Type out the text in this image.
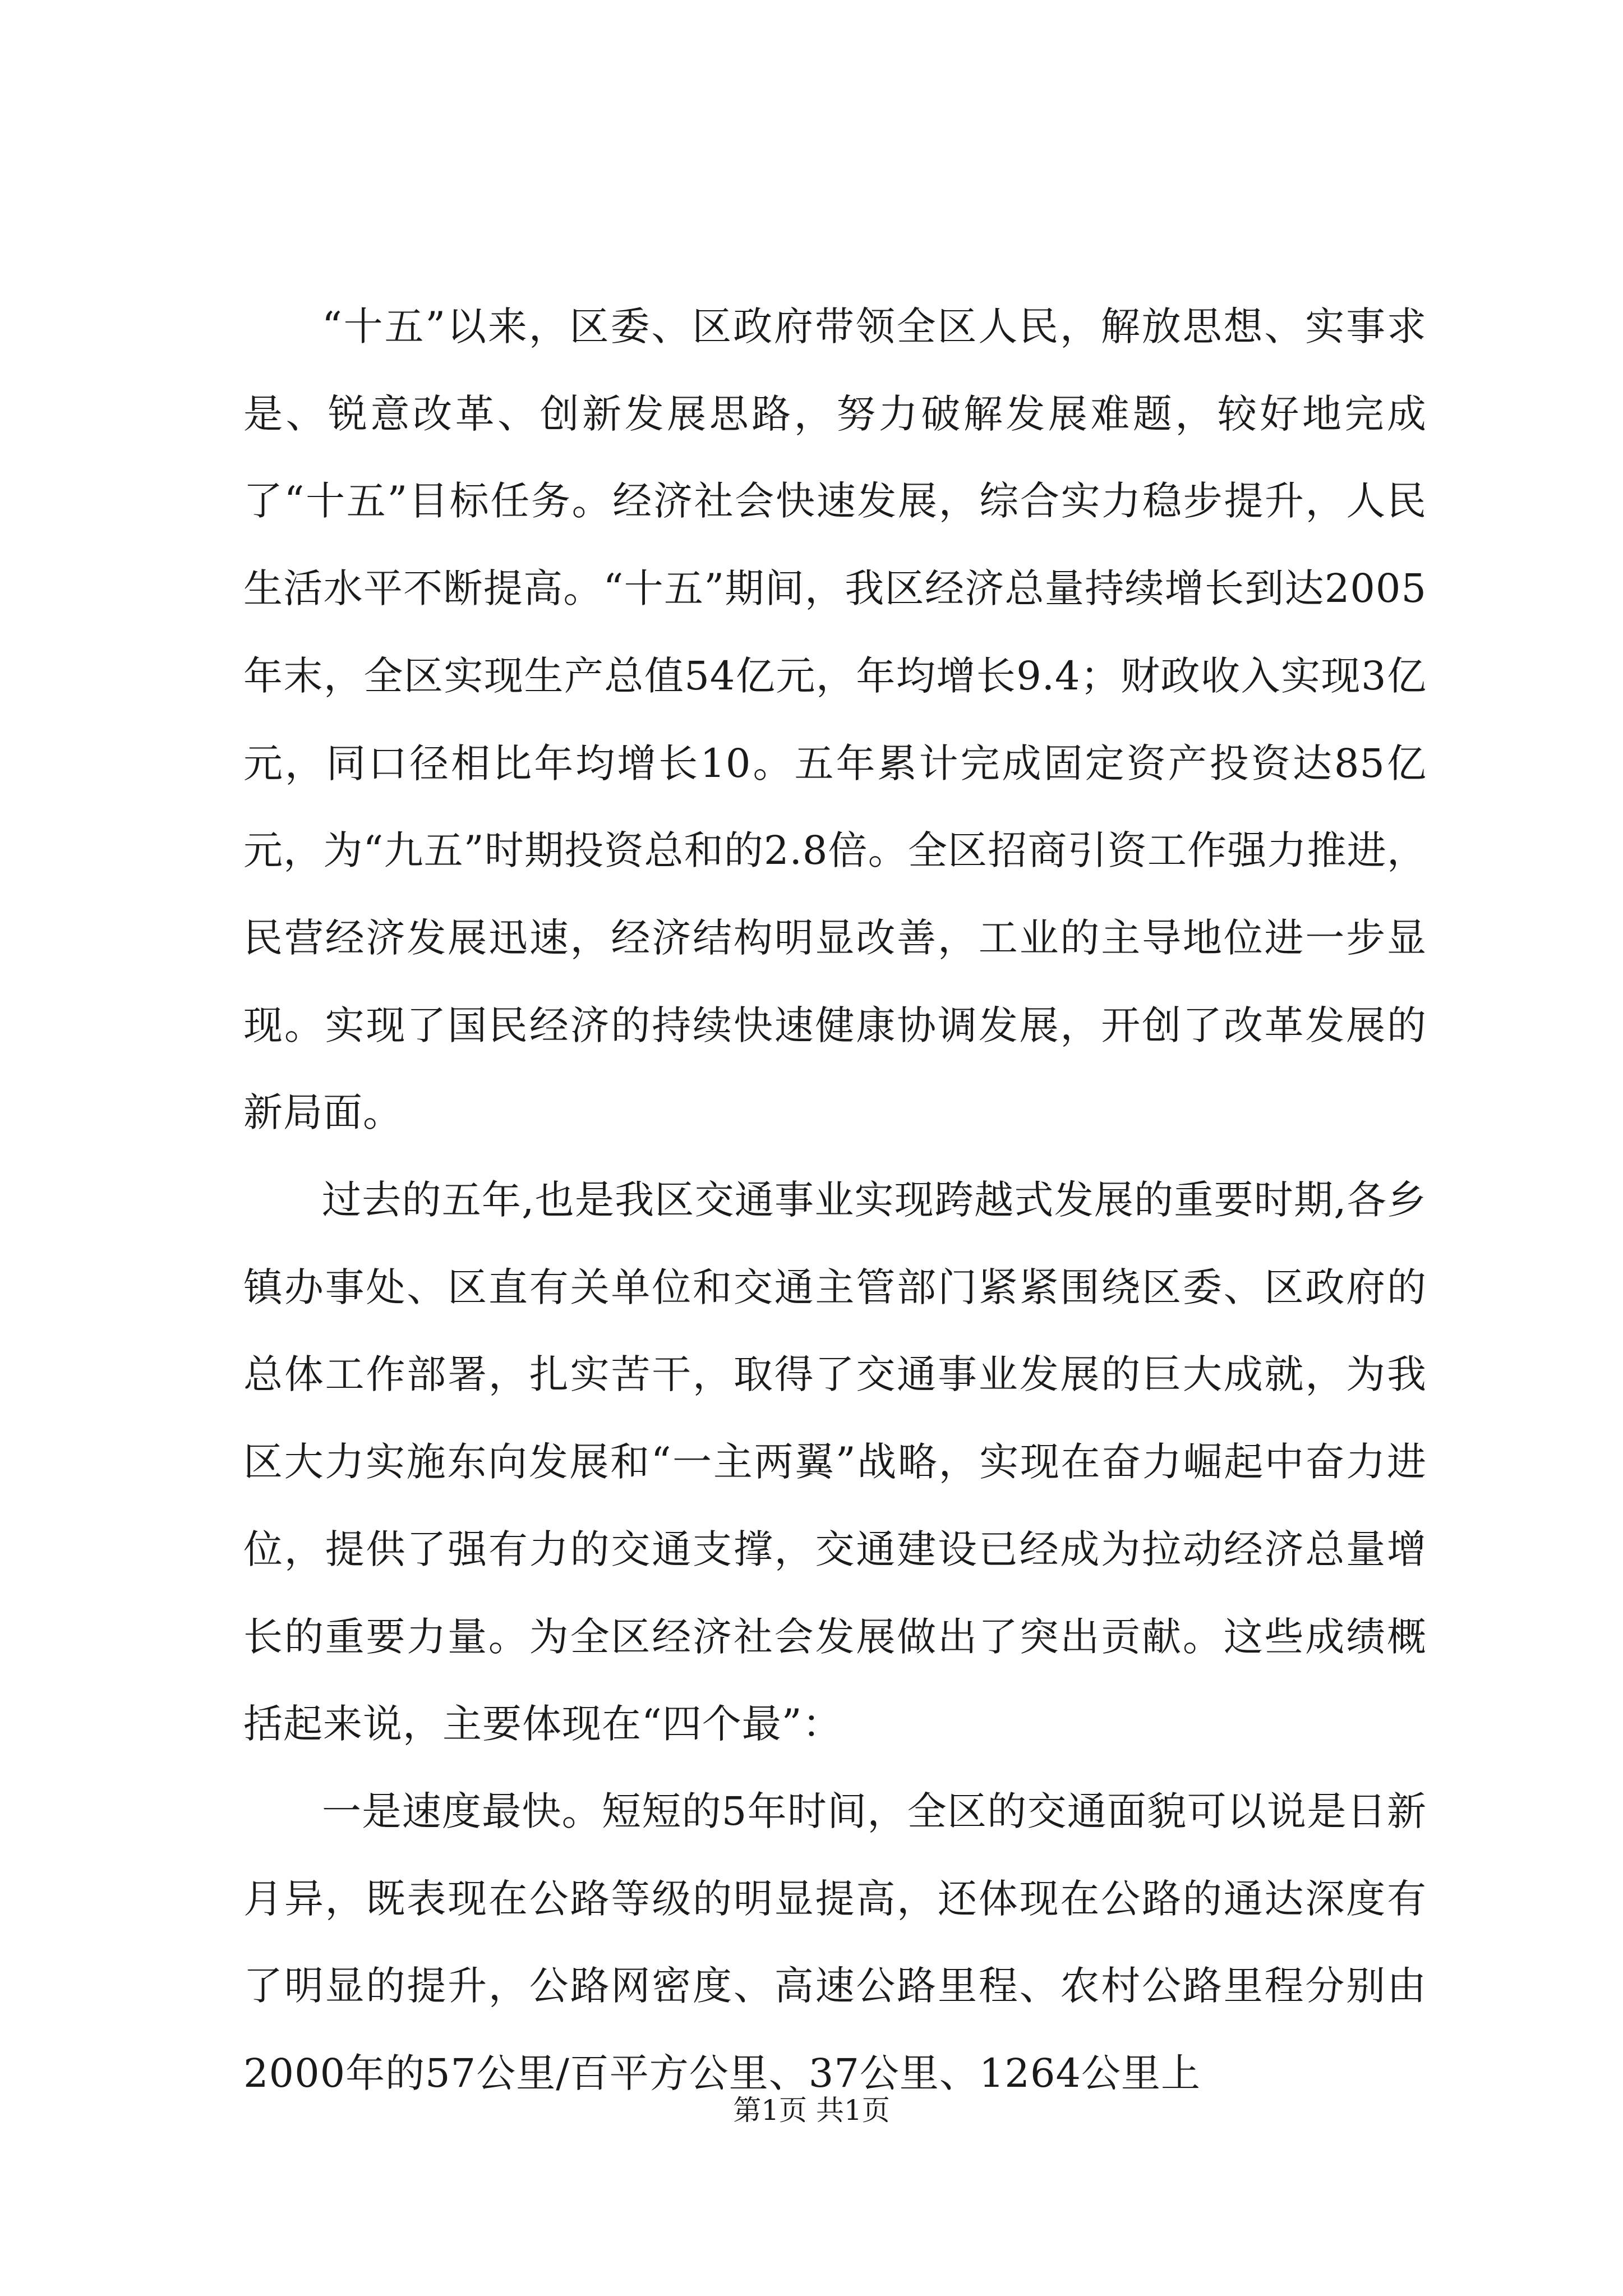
“十五”以来，区委、区政府带领全区人民，解放思想、实事求是、锐意改革、创新发展思路，努力破解发展难题，较好地完成了“十五”目标任务。经济社会快速发展，综合实力稳步提升，人民生活水平不断提高。“十五”期间，我区经济总量持续增长到达2005年末，全区实现生产总值54亿元，年均增长9.4；财政收入实现3亿元，同口径相比年均增长10。五年累计完成固定资产投资达85亿元，为“九五”时期投资总和的2.8倍。全区招商引资工作强力推进，民营经济发展迅速，经济结构明显改善，工业的主导地位进一步显现。实现了国民经济的持续快速健康协调发展，开创了改革发展的新局面。

过去的五年,也是我区交通事业实现跨越式发展的重要时期,各乡镇办事处、区直有关单位和交通主管部门紧紧围绕区委、区政府的总体工作部署，扎实苦干，取得了交通事业发展的巨大成就，为我区大力实施东向发展和“一主两翼”战略，实现在奋力崛起中奋力进位，提供了强有力的交通支撑，交通建设已经成为拉动经济总量增长的重要力量。为全区经济社会发展做出了突出贡献。这些成绩概括起来说，主要体现在“四个最”：

一是速度最快。短短的5年时间，全区的交通面貌可以说是日新月异，既表现在公路等级的明显提高，还体现在公路的通达深度有了明显的提升，公路网密度、高速公路里程、农村公路里程分别由2000年的57公里/百平方公里、37公里、1264公里上

第1页 共1页
